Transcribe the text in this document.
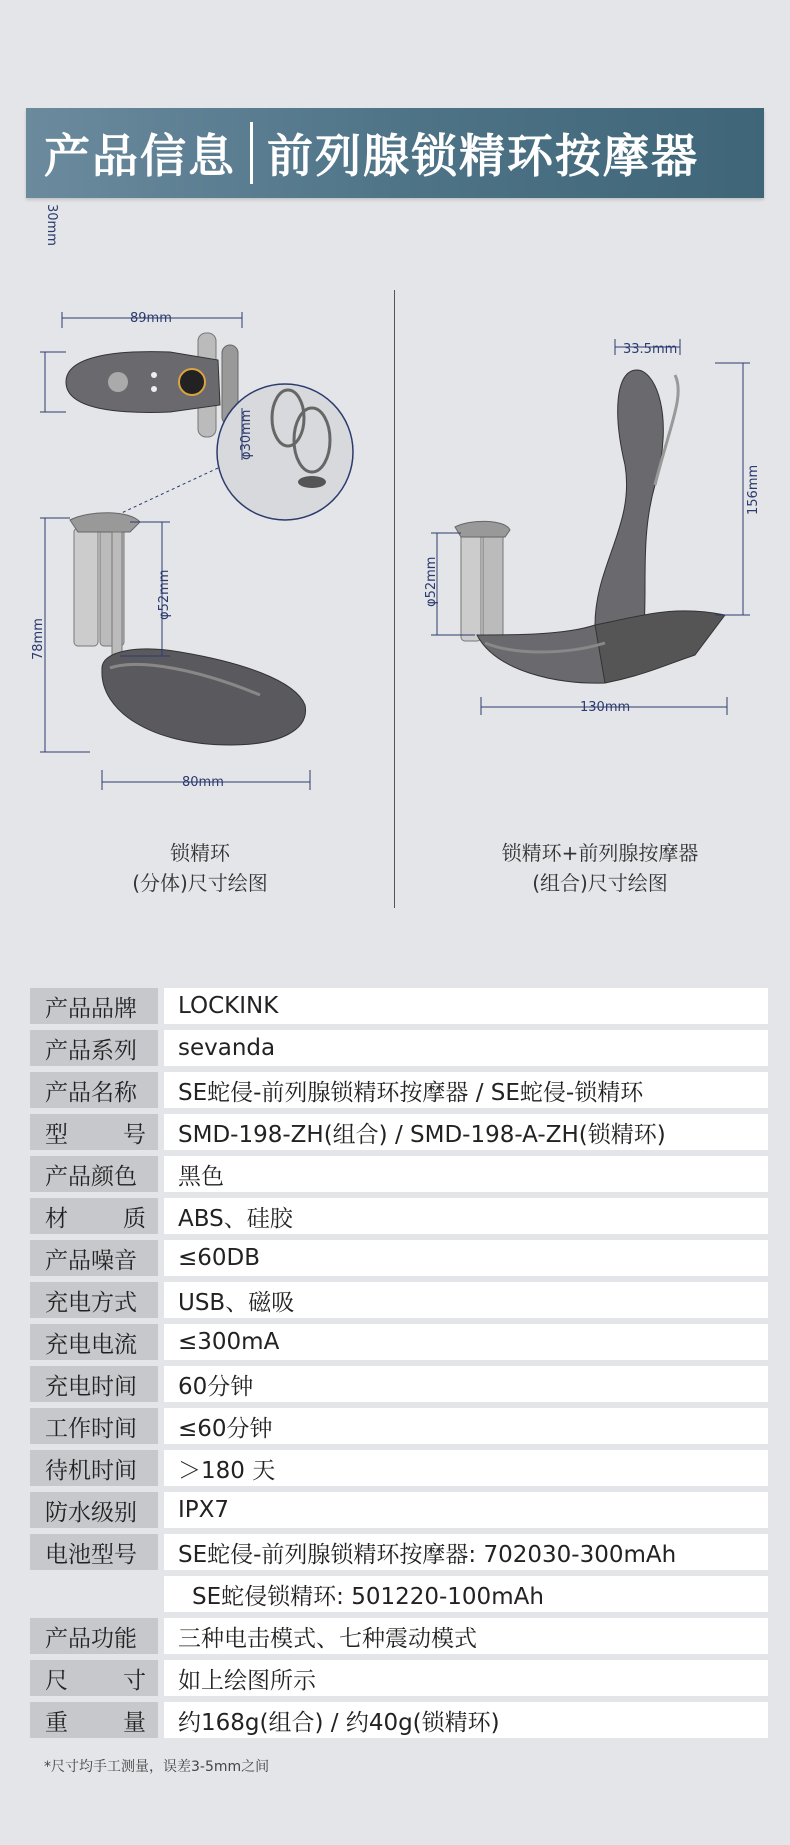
产品信息 前列腺锁精环按摩器
89mm
30mm
φ30mm
φ52mm
78mm
80mm
33.5mm
156mm
φ52mm
130mm
锁精环
(分体)尺寸绘图
锁精环+前列腺按摩器
(组合)尺寸绘图
产品品牌	LOCKINK
产品系列	sevanda
产品名称	SE蛇侵-前列腺锁精环按摩器 / SE蛇侵-锁精环
型 号	SMD-198-ZH(组合) / SMD-198-A-ZH(锁精环)
产品颜色	黑色
材 质	ABS、硅胶
产品噪音	≤60DB
充电方式	USB、磁吸
充电电流	≤300mA
充电时间	60分钟
工作时间	≤60分钟
待机时间	＞180 天
防水级别	IPX7
电池型号	SE蛇侵-前列腺锁精环按摩器: 702030-300mAh
SE蛇侵锁精环: 501220-100mAh
产品功能	三种电击模式、七种震动模式
尺 寸	如上绘图所示
重 量	约168g(组合) / 约40g(锁精环)
*尺寸均手工测量，误差3-5mm之间
